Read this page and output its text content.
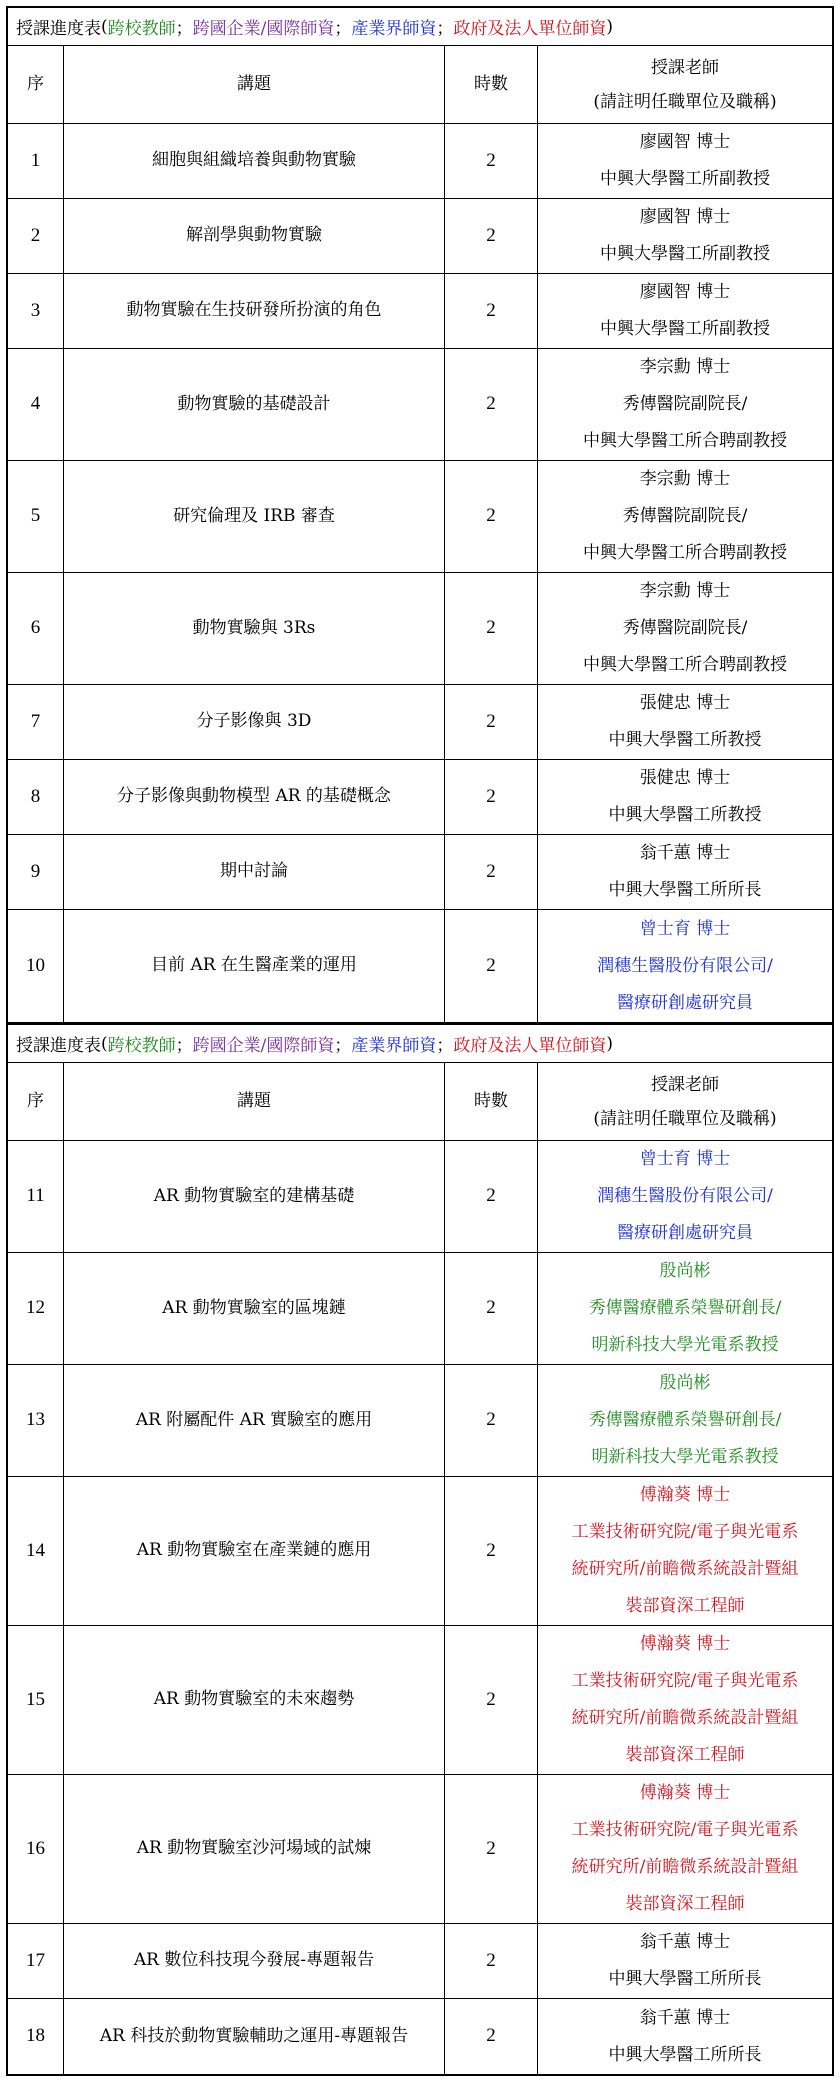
授課進度表 ( 跨校教師 ； 跨國企業/國際師資 ； 產業界師資 ； 政府及法人單位師資 )
序	講題	時數
授課老師
(請註明任職單位及職稱)
1	細胞與組織培養與動物實驗	2
廖國智 博士
中興大學醫工所副教授
2	解剖學與動物實驗	2
廖國智 博士
中興大學醫工所副教授
3	動物實驗在生技研發所扮演的角色	2
廖國智 博士
中興大學醫工所副教授
4	動物實驗的基礎設計	2
李宗勳 博士
秀傳醫院副院長/
中興大學醫工所合聘副教授
5	研究倫理及 IRB 審查	2
李宗勳 博士
秀傳醫院副院長/
中興大學醫工所合聘副教授
6	動物實驗與 3Rs	2
李宗勳 博士
秀傳醫院副院長/
中興大學醫工所合聘副教授
7	分子影像與 3D	2
張健忠 博士
中興大學醫工所教授
8	分子影像與動物模型 AR 的基礎概念	2
張健忠 博士
中興大學醫工所教授
9	期中討論	2
翁千蕙 博士
中興大學醫工所所長
10	目前 AR 在生醫產業的運用	2
曾士育 博士
潤穗生醫股份有限公司/
醫療研創處研究員
授課進度表 ( 跨校教師 ； 跨國企業/國際師資 ； 產業界師資 ； 政府及法人單位師資 )
序	講題	時數
授課老師
(請註明任職單位及職稱)
11	AR 動物實驗室的建構基礎	2
曾士育 博士
潤穗生醫股份有限公司/
醫療研創處研究員
12	AR 動物實驗室的區塊鏈	2
殷尚彬
秀傳醫療體系榮譽研創長/
明新科技大學光電系教授
13	AR 附屬配件 AR 實驗室的應用	2
殷尚彬
秀傳醫療體系榮譽研創長/
明新科技大學光電系教授
14	AR 動物實驗室在產業鏈的應用	2
傅瀚葵 博士
工業技術研究院/電子與光電系
統研究所/前瞻微系統設計暨組
裝部資深工程師
15	AR 動物實驗室的未來趨勢	2
傅瀚葵 博士
工業技術研究院/電子與光電系
統研究所/前瞻微系統設計暨組
裝部資深工程師
16	AR 動物實驗室沙河場域的試煉	2
傅瀚葵 博士
工業技術研究院/電子與光電系
統研究所/前瞻微系統設計暨組
裝部資深工程師
17	AR 數位科技現今發展-專題報告	2
翁千蕙 博士
中興大學醫工所所長
18	AR 科技於動物實驗輔助之運用-專題報告	2
翁千蕙 博士
中興大學醫工所所長
